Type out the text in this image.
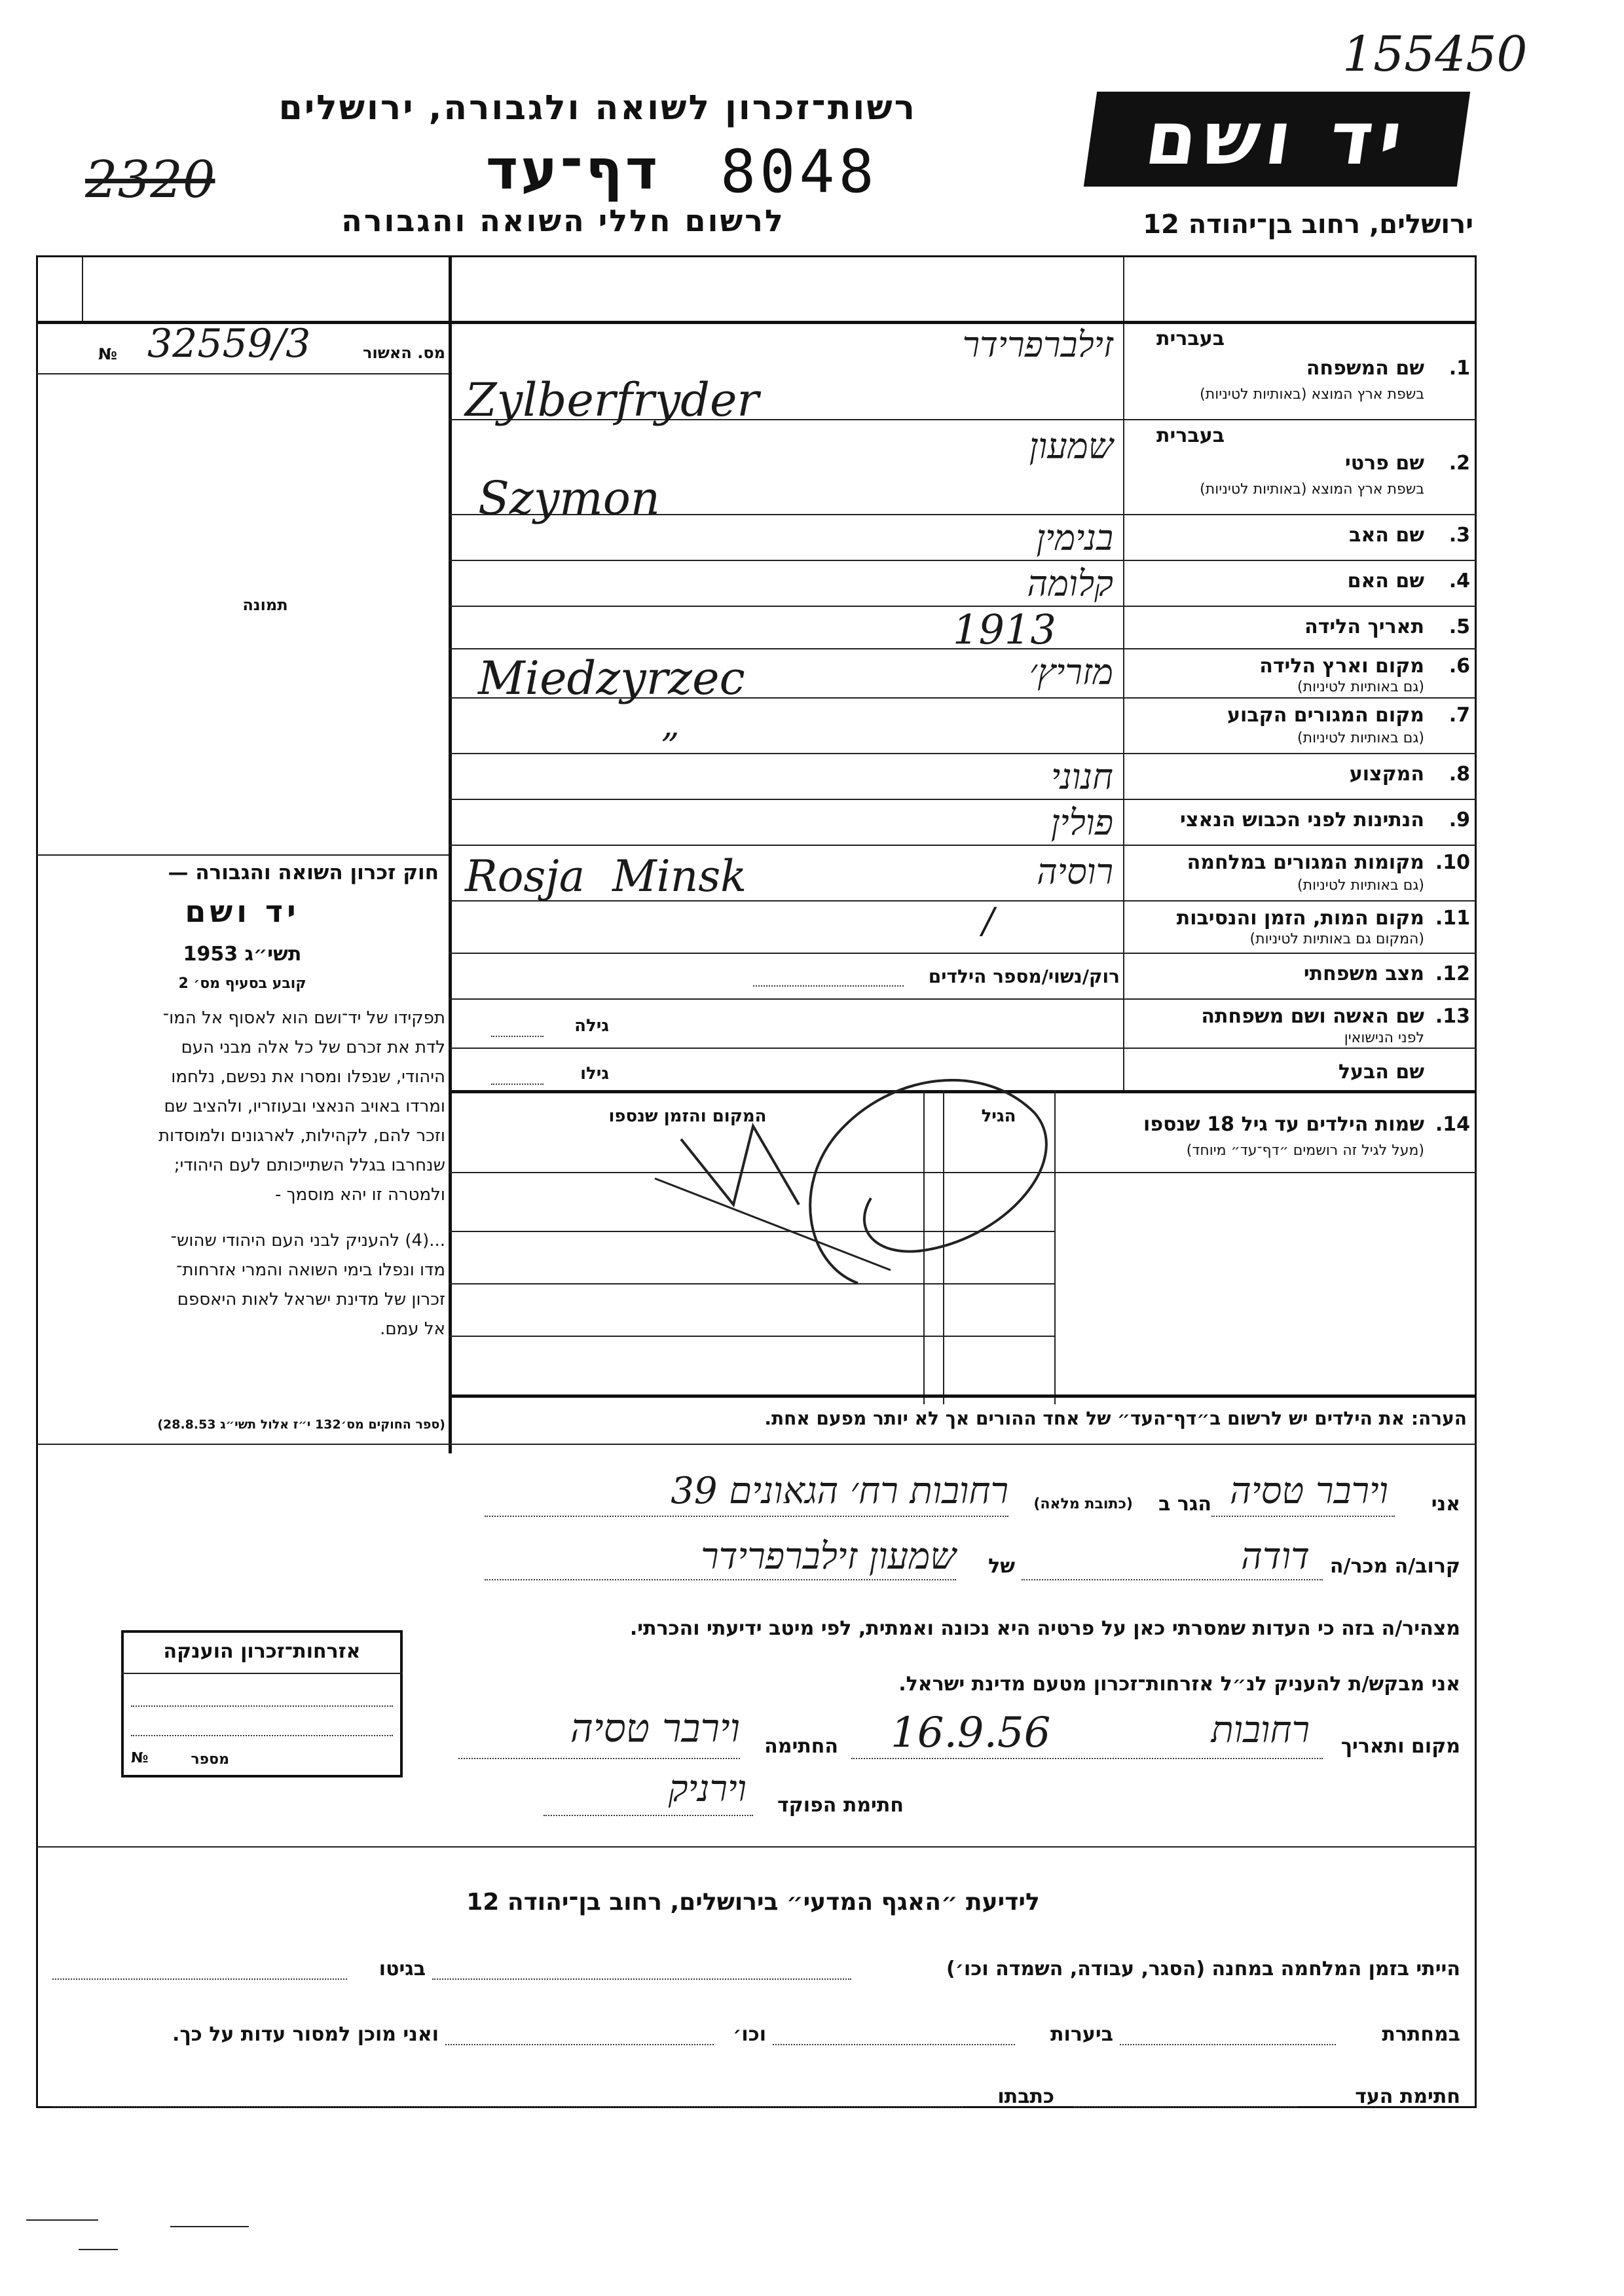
155450
רשות־זכרון לשואה ולגבורה, ירושלים
2320	דף־עד	8048
לרשום חללי השואה והגבורה
יד ושם
ירושלים, רחוב בן־יהודה 12
מס. האשור
№ 32559/3
תמונה
חוק זכרון השואה והגבורה —
יד ושם
תשי״ג 1953
קובע בסעיף מס׳ 2
תפקידו של יד־ושם הוא לאסוף אל המו־
לדת את זכרם של כל אלה מבני העם
היהודי, שנפלו ומסרו את נפשם, נלחמו
ומרדו באויב הנאצי ובעוזריו, ולהציב שם
וזכר להם, לקהילות, לארגונים ולמוסדות
שנחרבו בגלל השתייכותם לעם היהודי;
ולמטרה זו יהא מוסמך -
...(4) להעניק לבני העם היהודי שהוש־
מדו ונפלו בימי השואה והמרי אזרחות־
זכרון של מדינת ישראל לאות היאספם
אל עמם.
(ספר החוקים מס׳132 י״ז אלול תשי״ג 28.8.53)
בעברית
1.
שם המשפחה
בשפת ארץ המוצא (באותיות לטיניות)
זילברפרידר
Zylberfryder
בעברית
2.
שם פרטי
בשפת ארץ המוצא (באותיות לטיניות)
שמעון
Szymon
3.
שם האב
בנימין
4.
שם האם
קלומה
5.
תאריך הלידה
1913
6.
מקום וארץ הלידה
(גם באותיות לטיניות)
מזריץ׳
Miedzyrzec
7.
מקום המגורים הקבוע
(גם באותיות לטיניות)
„
8.
המקצוע
חנוני
9.
הנתינות לפני הכבוש הנאצי
פולין
10.
מקומות המגורים במלחמה
(גם באותיות לטיניות)
רוסיה
Rosja  Minsk
11.
מקום המות, הזמן והנסיבות
(המקום גם באותיות לטיניות)
/
12.
מצב משפחתי
רוק/נשוי/מספר הילדים
13.
שם האשה ושם משפחתה
לפני הנישואין
גילה
שם הבעל
גילו
14.
שמות הילדים עד גיל 18 שנספו
(מעל לגיל זה רושמים ״דף־עד״ מיוחד)
הגיל
המקום והזמן שנספו
הערה: את הילדים יש לרשום ב״דף־העד״ של אחד ההורים אך לא יותר מפעם אחת.
אני
וירבר טסיה
הגר ב
(כתובת מלאה)
רחובות רח׳ הגאונים 39
קרוב/ה מכר/ה
דודה
של
שמעון זילברפרידר
מצהיר/ה בזה כי העדות שמסרתי כאן על פרטיה היא נכונה ואמתית, לפי מיטב ידיעתי והכרתי.
אני מבקש/ת להעניק לנ״ל אזרחות־זכרון מטעם מדינת ישראל.
מקום ותאריך
רחובות
16.9.56
החתימה
וירבר טסיה
חתימת הפוקד
וירניק
אזרחות־זכרון הוענקה
מספר
№
לידיעת ״האגף המדעי״ בירושלים, רחוב בן־יהודה 12
הייתי בזמן המלחמה במחנה (הסגר, עבודה, השמדה וכו׳)
בגיטו
במחתרת
ביערות
וכו׳
ואני מוכן למסור עדות על כך.
חתימת העד
כתבתו
